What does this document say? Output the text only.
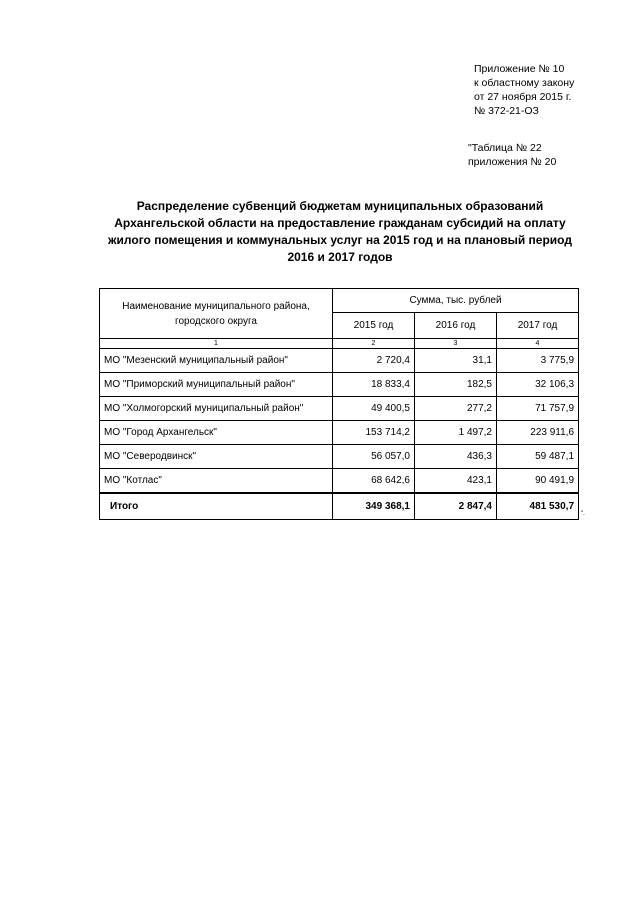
Приложение № 10
к областному закону
от 27 ноября 2015 г.
№ 372-21-ОЗ
"Таблица № 22
приложения № 20
Распределение субвенций бюджетам муниципальных образований
Архангельской области на предоставление гражданам субсидий на оплату
жилого помещения и коммунальных услуг на 2015 год и на плановый период
2016 и 2017 годов
Наименование муниципального района, городского округа	Сумма, тыс. рублей		
	2015 год	2016 год	2017 год
1	2	3	4
МО "Мезенский муниципальный район"	2 720,4	31,1	3 775,9
МО "Приморский муниципальный район"	18 833,4	182,5	32 106,3
МО "Холмогорский муниципальный район"	49 400,5	277,2	71 757,9
МО "Город Архангельск"	153 714,2	1 497,2	223 911,6
МО "Северодвинск"	56 057,0	436,3	59 487,1
МО "Котлас"	68 642,6	423,1	90 491,9
Итого	349 368,1	2 847,4	481 530,7
".
